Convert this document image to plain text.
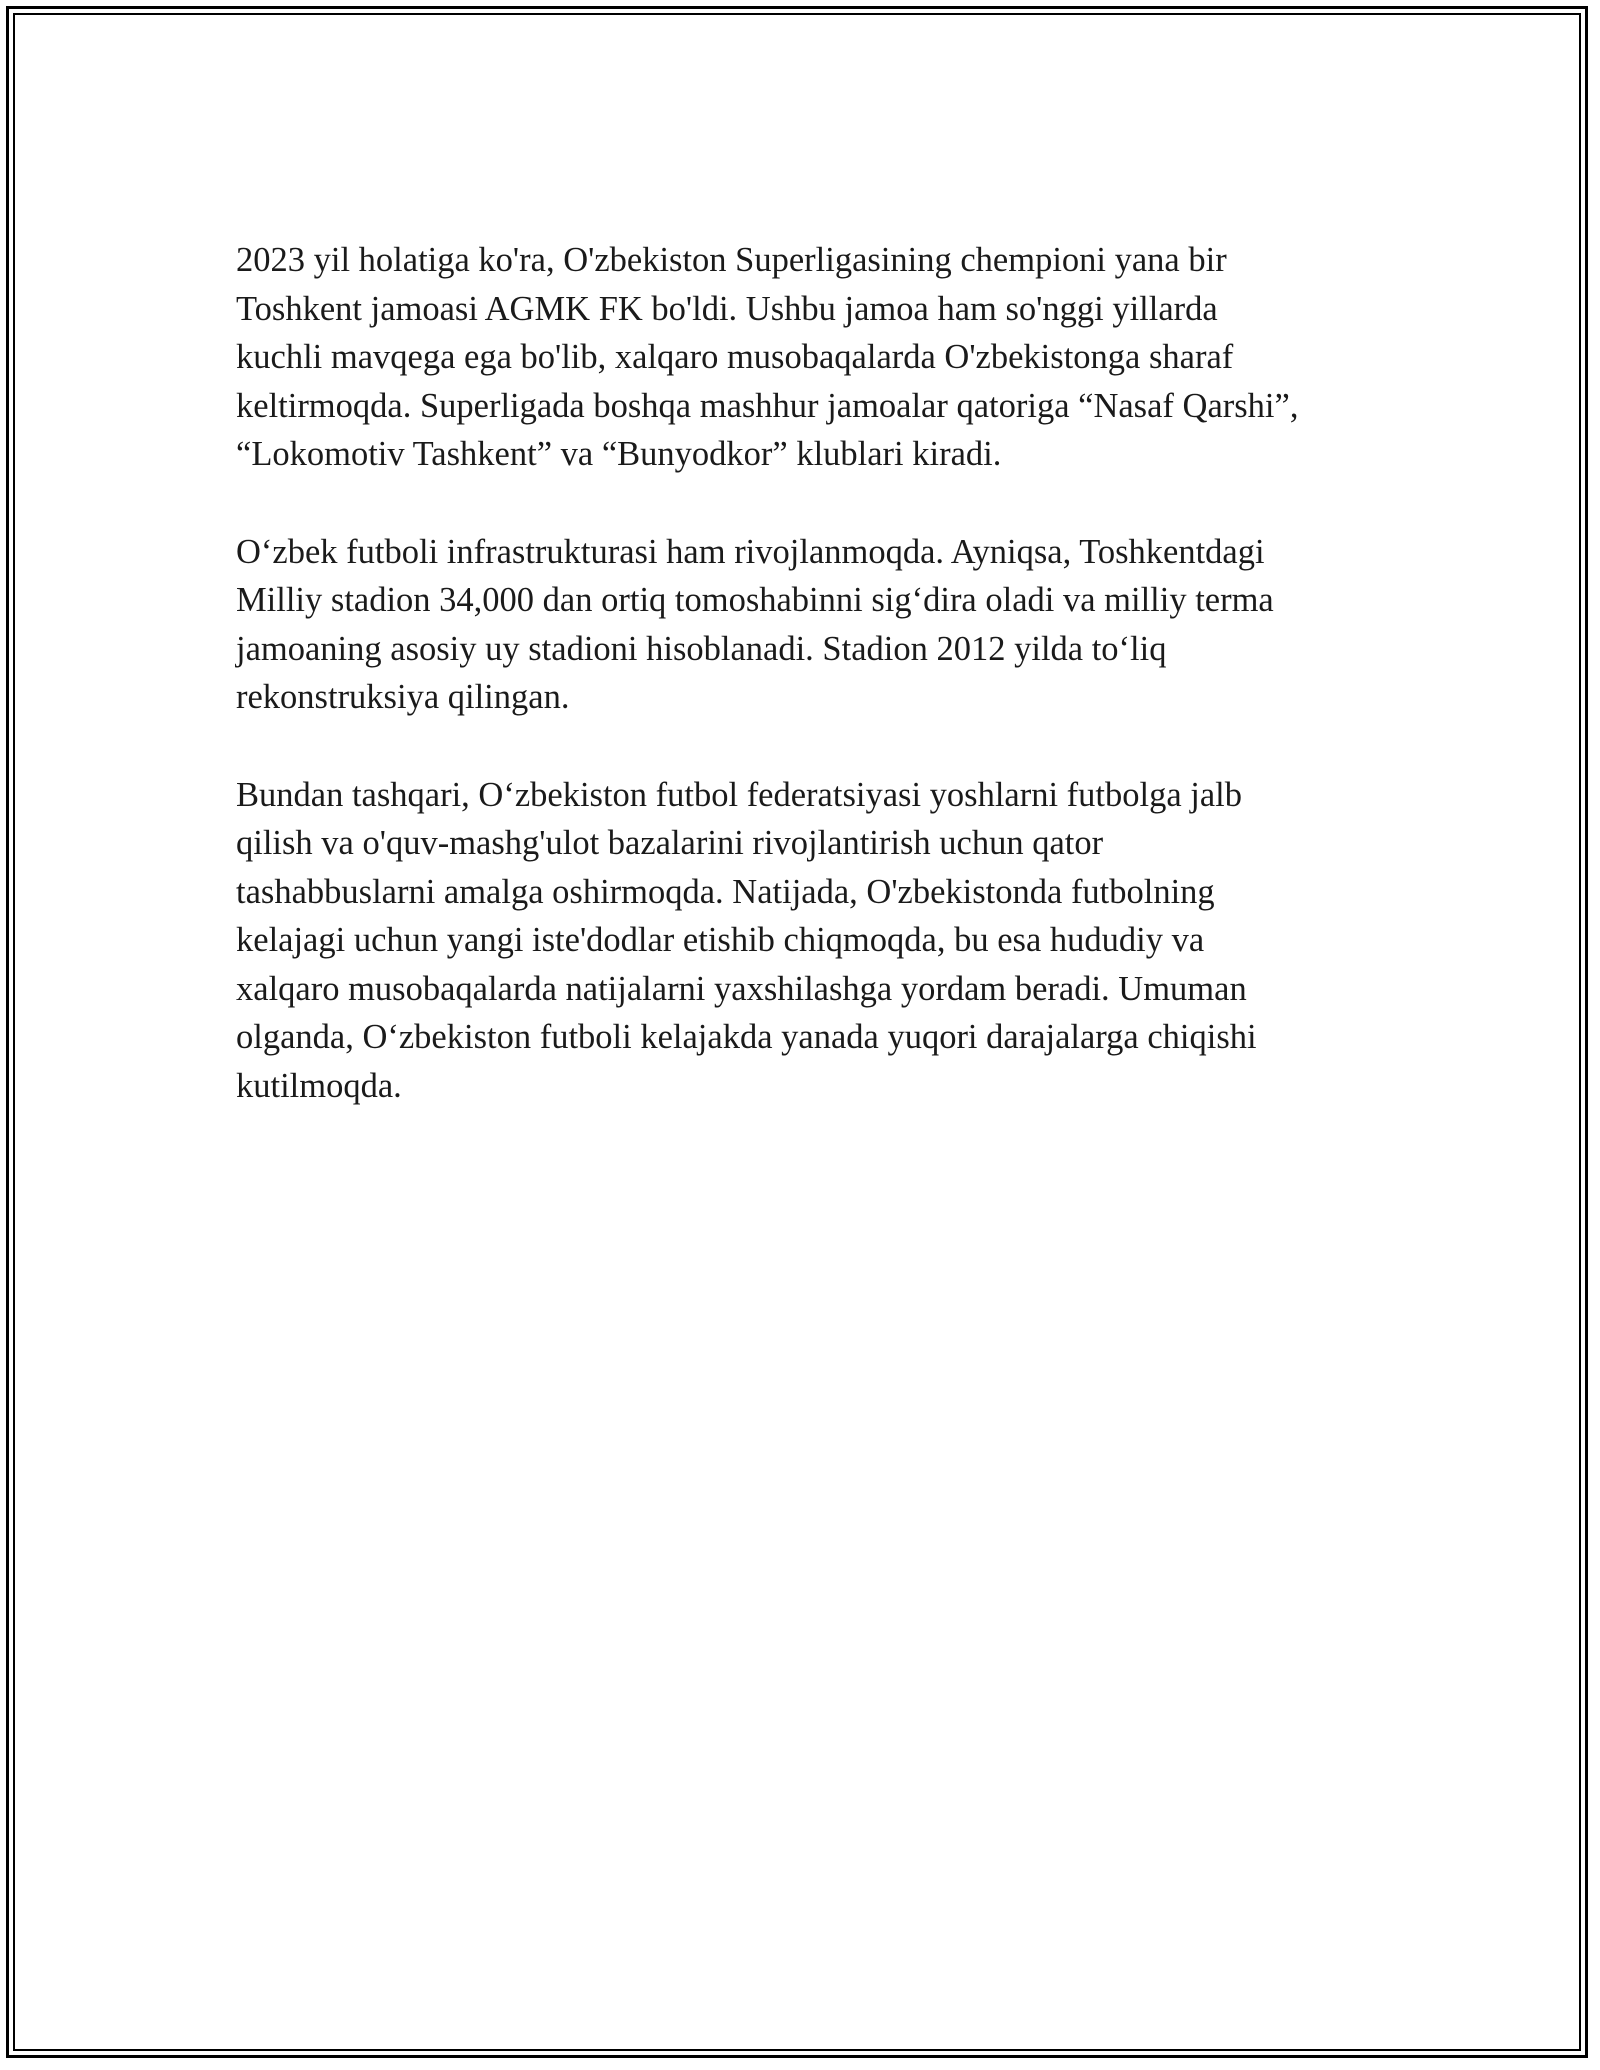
2023 yil holatiga ko'ra, O'zbekiston Superligasining chempioni yana bir
Toshkent jamoasi AGMK FK bo'ldi. Ushbu jamoa ham so'nggi yillarda
kuchli mavqega ega bo'lib, xalqaro musobaqalarda O'zbekistonga sharaf
keltirmoqda. Superligada boshqa mashhur jamoalar qatoriga “Nasaf Qarshi”,
“Lokomotiv Tashkent” va “Bunyodkor” klublari kiradi.

O‘zbek futboli infrastrukturasi ham rivojlanmoqda. Ayniqsa, Toshkentdagi
Milliy stadion 34,000 dan ortiq tomoshabinni sig‘dira oladi va milliy terma
jamoaning asosiy uy stadioni hisoblanadi. Stadion 2012 yilda to‘liq
rekonstruksiya qilingan.

Bundan tashqari, O‘zbekiston futbol federatsiyasi yoshlarni futbolga jalb
qilish va o'quv-mashg'ulot bazalarini rivojlantirish uchun qator
tashabbuslarni amalga oshirmoqda. Natijada, O'zbekistonda futbolning
kelajagi uchun yangi iste'dodlar etishib chiqmoqda, bu esa hududiy va
xalqaro musobaqalarda natijalarni yaxshilashga yordam beradi. Umuman
olganda, O‘zbekiston futboli kelajakda yanada yuqori darajalarga chiqishi
kutilmoqda.
